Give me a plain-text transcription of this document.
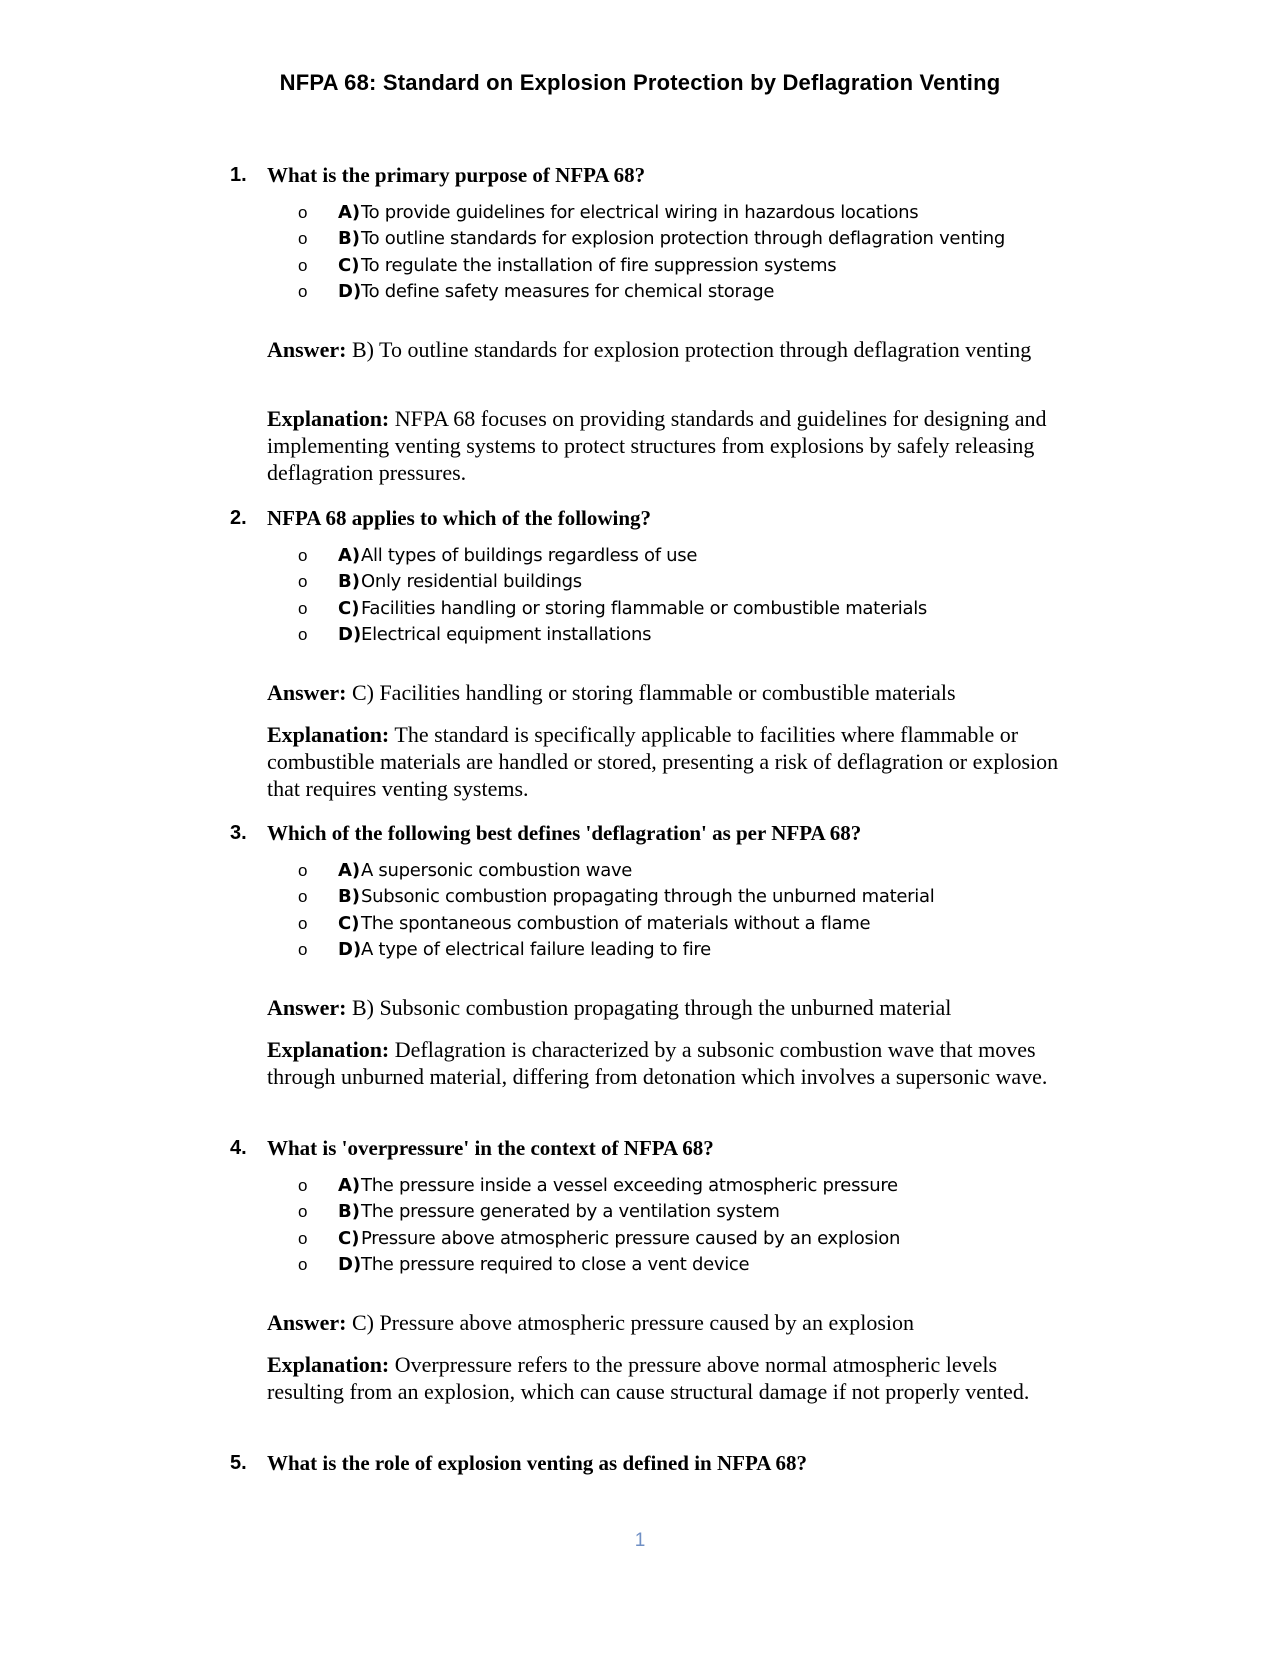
NFPA 68: Standard on Explosion Protection by Deflagration Venting
1. What is the primary purpose of NFPA 68?
o A) To provide guidelines for electrical wiring in hazardous locations
o B) To outline standards for explosion protection through deflagration venting
o C) To regulate the installation of fire suppression systems
o D) To define safety measures for chemical storage

Answer: B) To outline standards for explosion protection through deflagration venting

Explanation: NFPA 68 focuses on providing standards and guidelines for designing and implementing venting systems to protect structures from explosions by safely releasing deflagration pressures.

2. NFPA 68 applies to which of the following?
o A) All types of buildings regardless of use
o B) Only residential buildings
o C) Facilities handling or storing flammable or combustible materials
o D) Electrical equipment installations

Answer: C) Facilities handling or storing flammable or combustible materials

Explanation: The standard is specifically applicable to facilities where flammable or combustible materials are handled or stored, presenting a risk of deflagration or explosion that requires venting systems.

3. Which of the following best defines 'deflagration' as per NFPA 68?
o A) A supersonic combustion wave
o B) Subsonic combustion propagating through the unburned material
o C) The spontaneous combustion of materials without a flame
o D) A type of electrical failure leading to fire

Answer: B) Subsonic combustion propagating through the unburned material

Explanation: Deflagration is characterized by a subsonic combustion wave that moves through unburned material, differing from detonation which involves a supersonic wave.

4. What is 'overpressure' in the context of NFPA 68?
o A) The pressure inside a vessel exceeding atmospheric pressure
o B) The pressure generated by a ventilation system
o C) Pressure above atmospheric pressure caused by an explosion
o D) The pressure required to close a vent device

Answer: C) Pressure above atmospheric pressure caused by an explosion

Explanation: Overpressure refers to the pressure above normal atmospheric levels resulting from an explosion, which can cause structural damage if not properly vented.

5. What is the role of explosion venting as defined in NFPA 68?
1
